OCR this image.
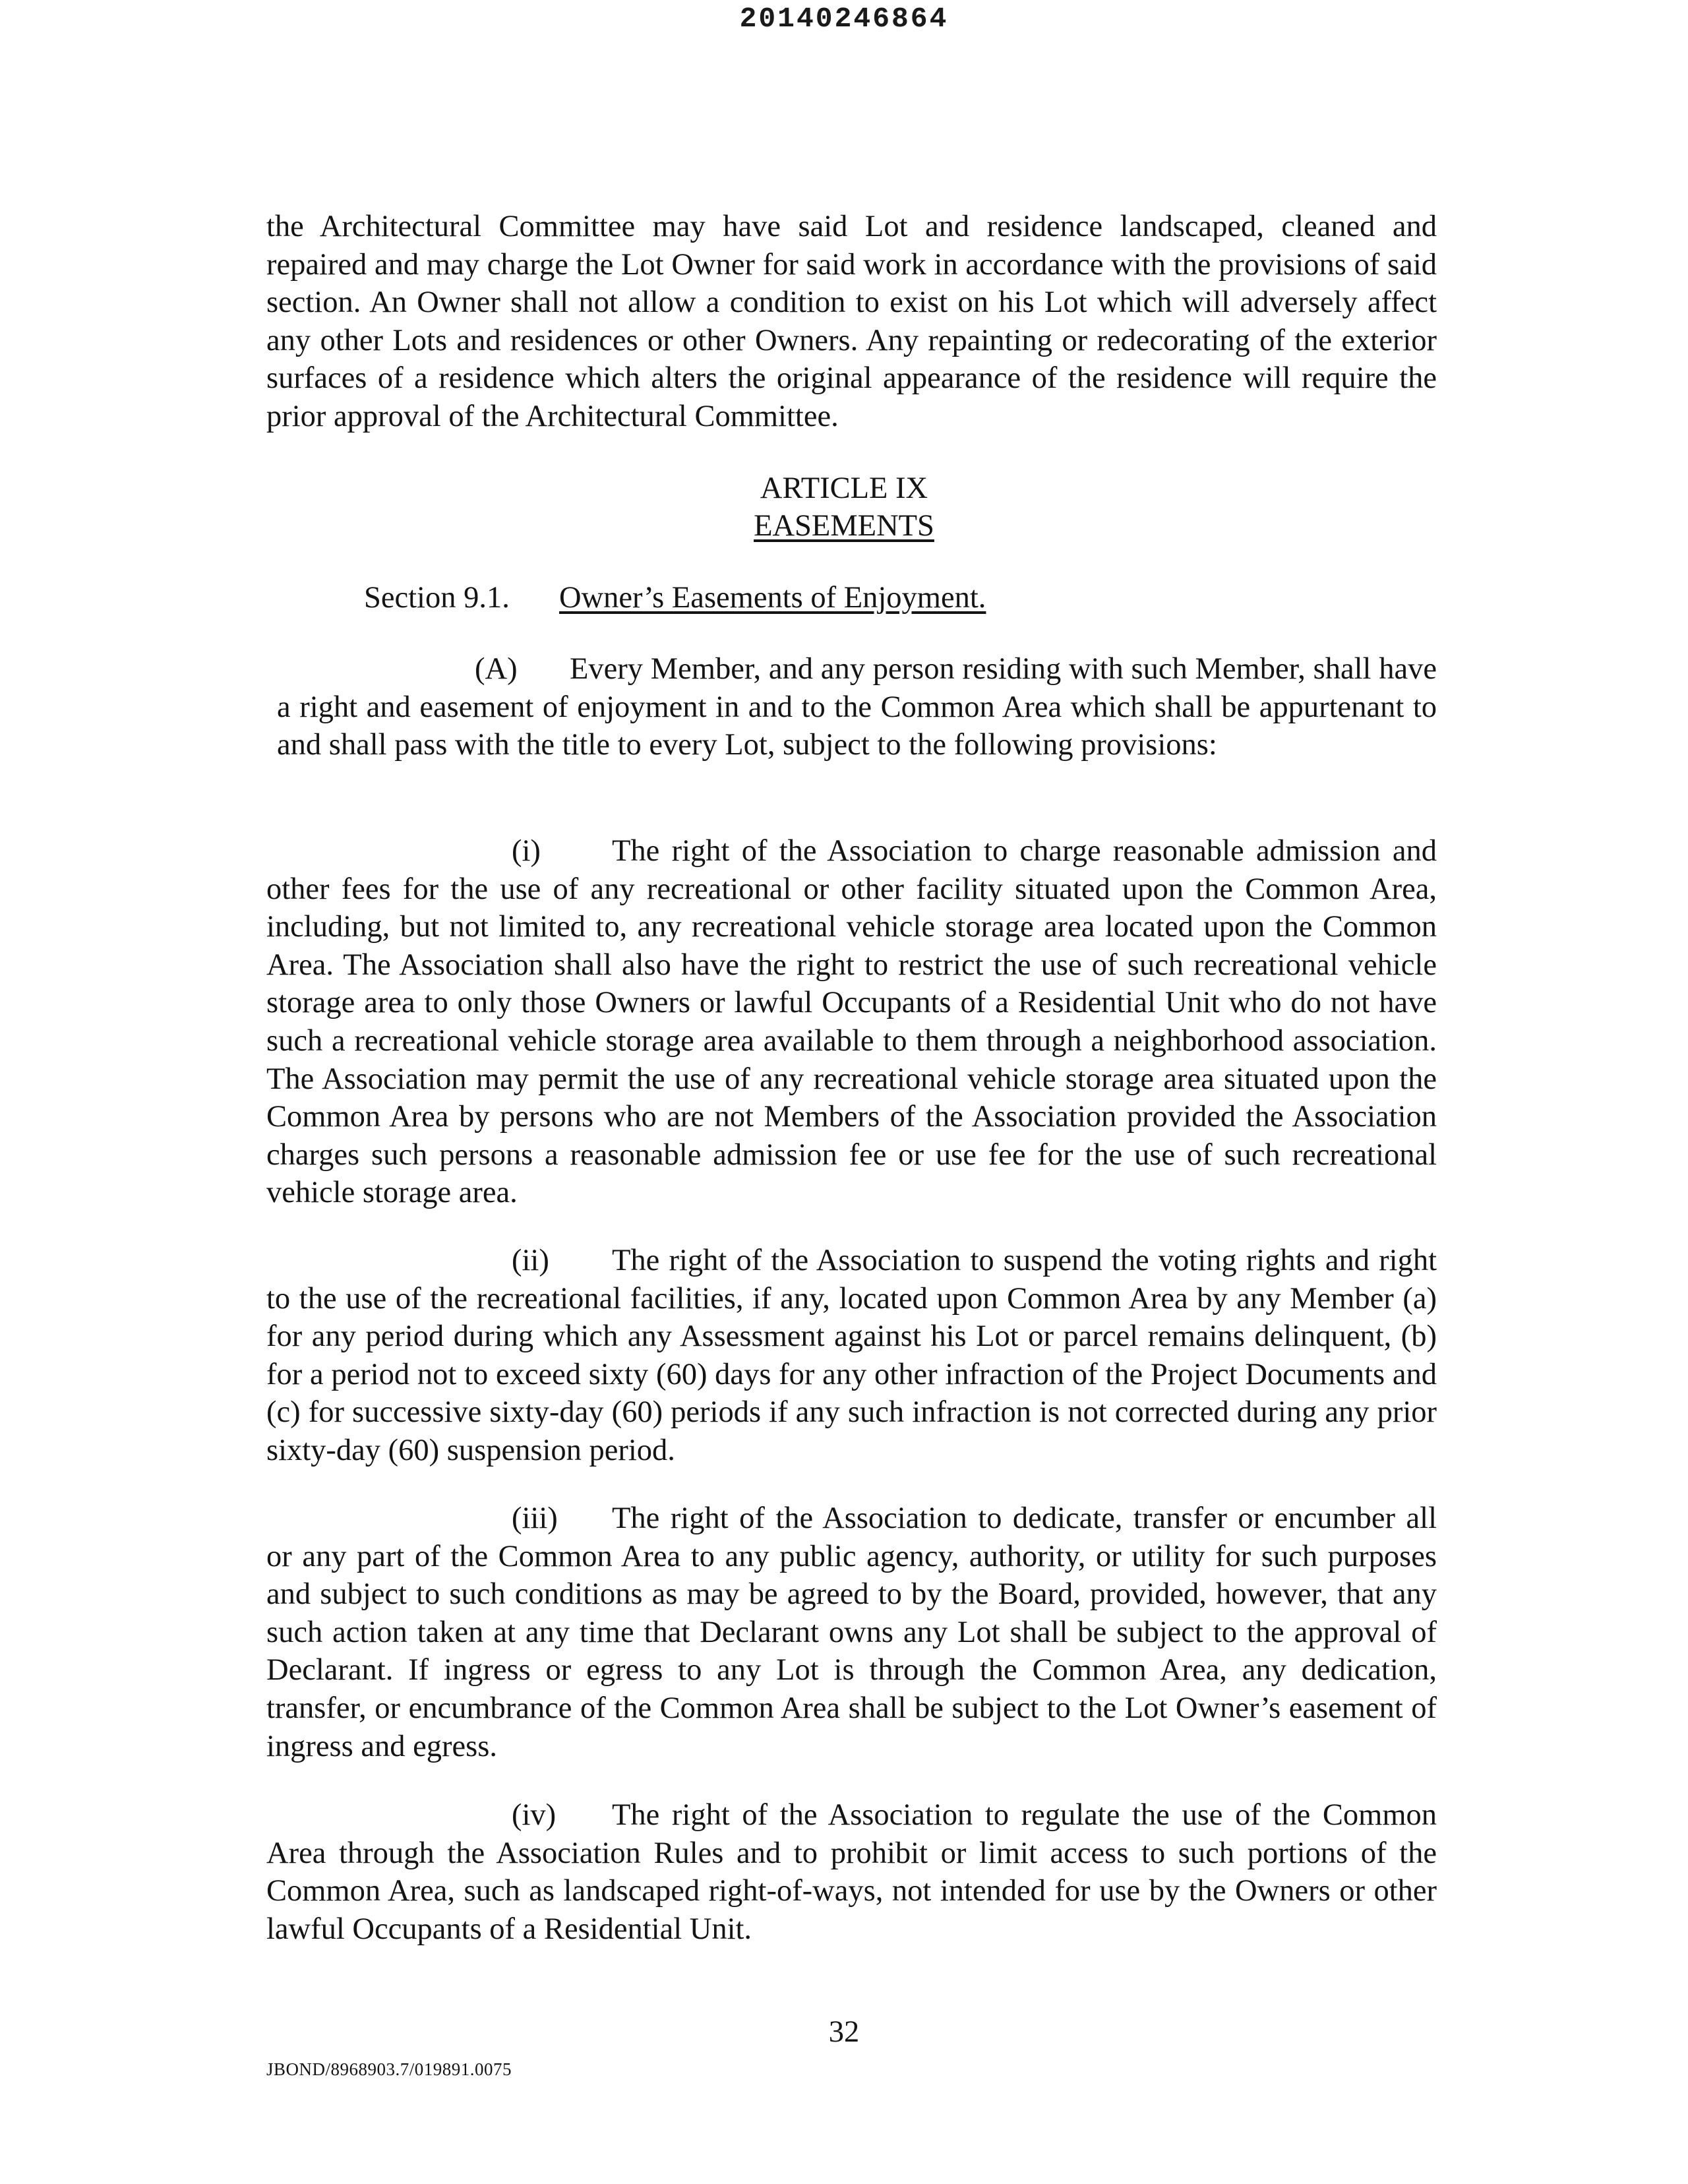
20140246864
the Architectural Committee may have said Lot and residence landscaped, cleaned and repaired and may charge the Lot Owner for said work in accordance with the provisions of said section. An Owner shall not allow a condition to exist on his Lot which will adversely affect any other Lots and residences or other Owners. Any repainting or redecorating of the exterior surfaces of a residence which alters the original appearance of the residence will require the prior approval of the Architectural Committee.
ARTICLE IX
EASEMENTS
Section 9.1. Owner’s Easements of Enjoyment.
(A) Every Member, and any person residing with such Member, shall have a right and easement of enjoyment in and to the Common Area which shall be appurtenant to and shall pass with the title to every Lot, subject to the following provisions:
(i) The right of the Association to charge reasonable admission and other fees for the use of any recreational or other facility situated upon the Common Area, including, but not limited to, any recreational vehicle storage area located upon the Common Area. The Association shall also have the right to restrict the use of such recreational vehicle storage area to only those Owners or lawful Occupants of a Residential Unit who do not have such a recreational vehicle storage area available to them through a neighborhood association. The Association may permit the use of any recreational vehicle storage area situated upon the Common Area by persons who are not Members of the Association provided the Association charges such persons a reasonable admission fee or use fee for the use of such recreational vehicle storage area.
(ii) The right of the Association to suspend the voting rights and right to the use of the recreational facilities, if any, located upon Common Area by any Member (a) for any period during which any Assessment against his Lot or parcel remains delinquent, (b) for a period not to exceed sixty (60) days for any other infraction of the Project Documents and (c) for successive sixty-day (60) periods if any such infraction is not corrected during any prior sixty-day (60) suspension period.
(iii) The right of the Association to dedicate, transfer or encumber all or any part of the Common Area to any public agency, authority, or utility for such purposes and subject to such conditions as may be agreed to by the Board, provided, however, that any such action taken at any time that Declarant owns any Lot shall be subject to the approval of Declarant. If ingress or egress to any Lot is through the Common Area, any dedication, transfer, or encumbrance of the Common Area shall be subject to the Lot Owner’s easement of ingress and egress.
(iv) The right of the Association to regulate the use of the Common Area through the Association Rules and to prohibit or limit access to such portions of the Common Area, such as landscaped right-of-ways, not intended for use by the Owners or other lawful Occupants of a Residential Unit.
32
JBOND/8968903.7/019891.0075
